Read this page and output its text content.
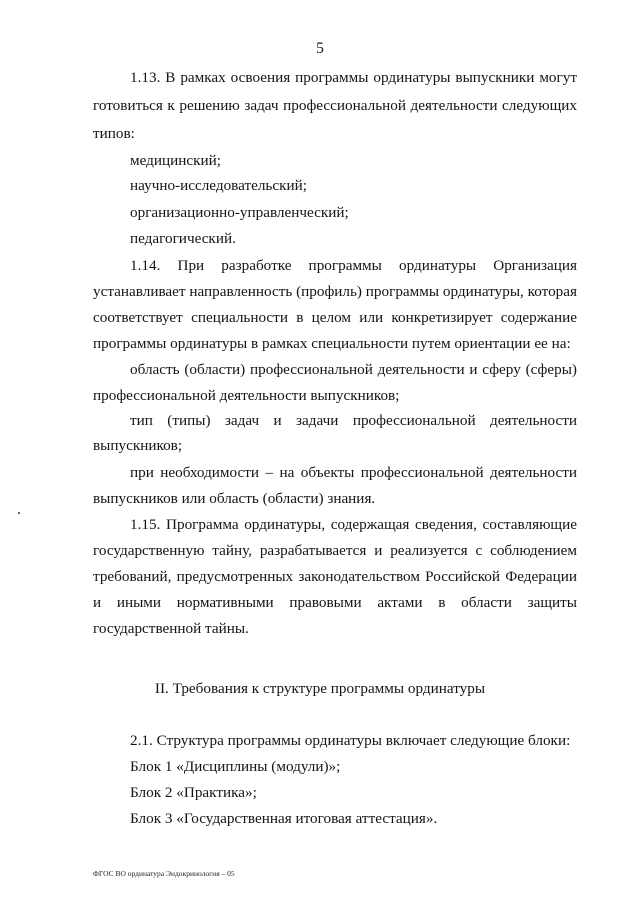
5
1.13. В рамках освоения программы ординатуры выпускники могут
готовиться к решению задач профессиональной деятельности следующих
типов:
медицинский;
научно-исследовательский;
организационно-управленческий;
педагогический.
1.14. При разработке программы ординатуры Организация
устанавливает направленность (профиль) программы ординатуры, которая
соответствует специальности в целом или конкретизирует содержание
программы ординатуры в рамках специальности путем ориентации ее на:
область (области) профессиональной деятельности и сферу (сферы)
профессиональной деятельности выпускников;
тип (типы) задач и задачи профессиональной деятельности
выпускников;
при необходимости – на объекты профессиональной деятельности
выпускников или область (области) знания.
1.15. Программа ординатуры, содержащая сведения, составляющие
государственную тайну, разрабатывается и реализуется с соблюдением
требований, предусмотренных законодательством Российской Федерации
и иными нормативными правовыми актами в области защиты
государственной тайны.
II. Требования к структуре программы ординатуры
2.1. Структура программы ординатуры включает следующие блоки:
Блок 1 «Дисциплины (модули)»;
Блок 2 «Практика»;
Блок 3 «Государственная итоговая аттестация».
ФГОС ВО ординатура Эндокринология – 05
